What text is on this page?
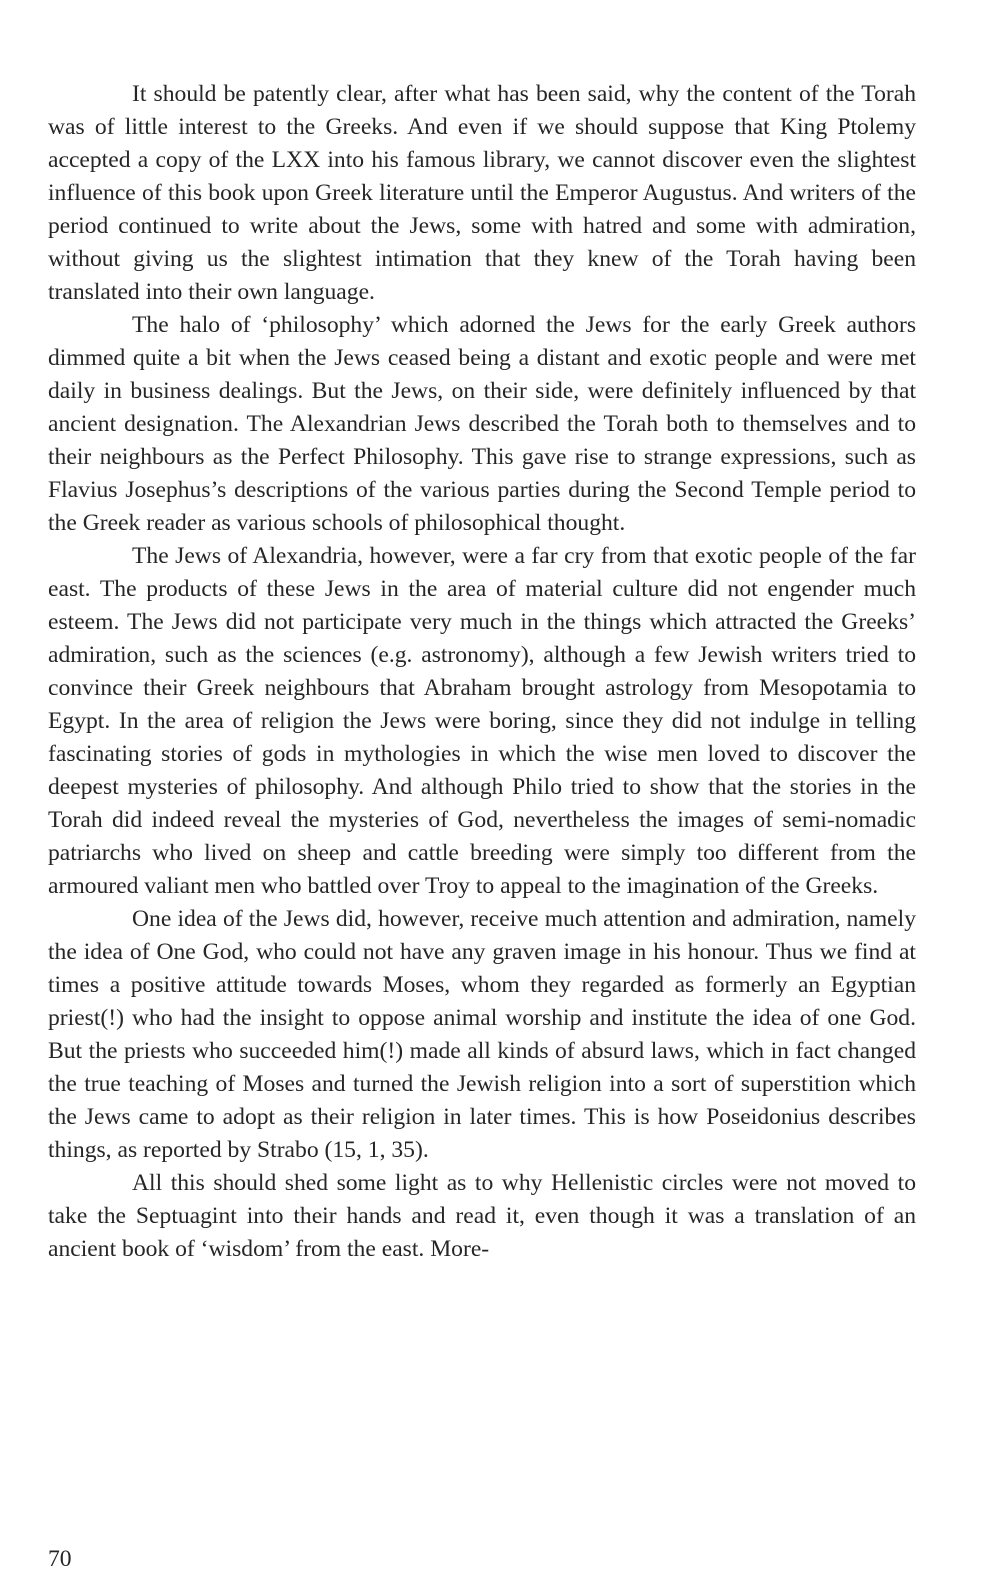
It should be patently clear, after what has been said, why the content of the Torah was of little interest to the Greeks. And even if we should suppose that King Ptolemy accepted a copy of the LXX into his famous library, we cannot discover even the slightest influence of this book upon Greek literature until the Emperor Augustus. And writers of the period continued to write about the Jews, some with hatred and some with admiration, without giving us the slightest intimation that they knew of the Torah having been translated into their own language.

The halo of ‘philosophy’ which adorned the Jews for the early Greek authors dimmed quite a bit when the Jews ceased being a distant and exotic people and were met daily in business dealings. But the Jews, on their side, were definitely influenced by that ancient designation. The Alexandrian Jews described the Torah both to themselves and to their neighbours as the Perfect Philosophy. This gave rise to strange expressions, such as Flavius Josephus’s descriptions of the various parties during the Second Temple period to the Greek reader as various schools of philosophical thought.

The Jews of Alexandria, however, were a far cry from that exotic people of the far east. The products of these Jews in the area of material culture did not engender much esteem. The Jews did not participate very much in the things which attracted the Greeks’ admiration, such as the sciences (e.g. astronomy), although a few Jewish writers tried to convince their Greek neighbours that Abraham brought astrology from Mesopotamia to Egypt. In the area of religion the Jews were boring, since they did not indulge in telling fascinating stories of gods in mythologies in which the wise men loved to discover the deepest mysteries of philosophy. And although Philo tried to show that the stories in the Torah did indeed reveal the mysteries of God, nevertheless the images of semi-nomadic patriarchs who lived on sheep and cattle breeding were simply too different from the armoured valiant men who battled over Troy to appeal to the imagination of the Greeks.

One idea of the Jews did, however, receive much attention and admiration, namely the idea of One God, who could not have any graven image in his honour. Thus we find at times a positive attitude towards Moses, whom they regarded as formerly an Egyptian priest(!) who had the insight to oppose animal worship and institute the idea of one God. But the priests who succeeded him(!) made all kinds of absurd laws, which in fact changed the true teaching of Moses and turned the Jewish religion into a sort of superstition which the Jews came to adopt as their religion in later times. This is how Poseidonius describes things, as reported by Strabo (15, 1, 35).

All this should shed some light as to why Hellenistic circles were not moved to take the Septuagint into their hands and read it, even though it was a translation of an ancient book of ‘wisdom’ from the east. More-

70
